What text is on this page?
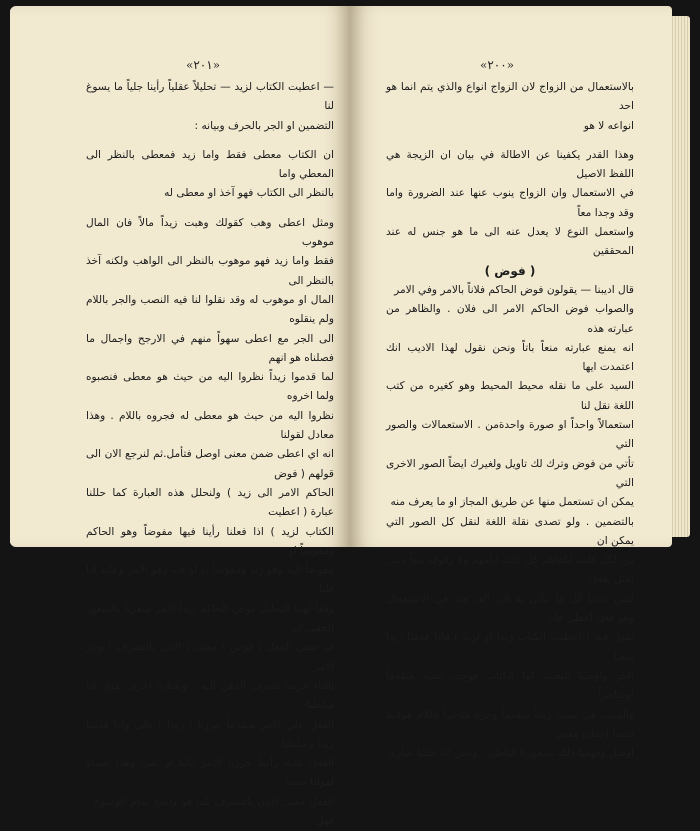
«٢٠١»

— اعطيت الكتاب لزيد — تحليلاً عقلياً رأينا جلياً ما يسوغ لنا

التضمين او الجر بالحرف وبيانه :

ان الكتاب معطى فقط واما زيد فمعطى بالنظر الى المعطي واما

بالنظر الى الكتاب فهو آخذ او معطى له

ومثل اعطى وهب كقولك وهبت زيداً مالاً فان المال موهوب

فقط واما زيد فهو موهوب بالنظر الى الواهب ولكنه آخذ بالنظر الى

المال او موهوب له وقد نقلوا لنا فيه النصب والجر باللام ولم ينقلوه

الى الجر مع اعطى سهواً منهم في الارجح واجمال ما فصلناه هو انهم

لما قدموا زيداً نظروا اليه من حيث هو معطى فنصبوه ولما اخروه

نظروا اليه من حيث هو معطى له فجروه باللام . وهذا معادل لقولنا

انه اي اعطى ضمن معنى اوصل فتأمل.ثم لنرجع الان الى قولهم ( فوض

الحاكم الامر الى زيد ) ولنحلل هذه العبارة كما حللنا عبارة ( اعطيت

الكتاب لزيد ) اذا فعلنا رأينا فيها مفوضاً وهو الحاكم ومفوضاً او

مفوضاً اليه وهو زيد ومفوضاً به او فيه وهو الامر وعليه اذا قلنا

وفقاً لهذا التحليل فوض الحاكم زيداً الامر شعرنا بالشعور الخفي ان

قد ضمن الفعل ( فوض ) معنى ( الاذن بالتصرف ) وجر الامر

بالباء قرينة تصرف الذهن اليه . وبعبارة اخرى نقول اذا سلطنا

الفعل على الامر متقدماً جررنا ( زيداً ) بالى واذا قدمنا زيداً وسلطنا

الفعل عليه رأساً جررنا الامر بالبا او بفي وهذا مساو لقولنا ضمنا

الفعل معنى الاذن بالتصرف كما هو واضح تمام الوضوح . فهل

«٢٠٠»

بالاستعمال من الزواج لان الزواج انواع والذي يتم انما هو احد

انواعه لا هو

وهذا القدر يكفينا عن الاطالة في بيان ان الزيجة هي اللفظ الاصيل

في الاستعمال وان الزواج ينوب عنها عند الضرورة واما وقد وجدا معاً

واستعمل النوع لا يعدل عنه الى ما هو جنس له عند المحققين

( فوض )

قال اديبنا — يقولون فوض الحاكم فلاناً بالامر وفي الامر

والصواب فوض الحاكم الامر الى فلان . والظاهر من عبارته هذه

انه يمنع عبارته منعاً باتاً ونحن نقول لهذا الاديب انك اعتمدت ايها

السيد على ما نقله محيط المحيط وهو كغيره من كتب اللغة نقل لنا

استعمالاً واحداً او صورة واحدةمن . الاستعمالات والصور التي

تأتي من فوض وترك لك تاويل ولغيرك ايضاً الصور الاخرى التي

يمكن ان تستعمل منها عن طريق المجاز او ما يعرف منه

بالتضمين . ولو تصدى نقلة اللغة لنقل كل الصور التي يمكن ان

ترد لكل كلمة لكفاهم كل كاغد ايامهم ولا رقوقه معاً دعى امثل بفعل

ليس عندنا كل ما يتأتى به الى آلف منه في الاستعمال وهو فعل اعطى فانا

نقول فيه ( اعطيت الكتاب زيداً او لزيد ) فاذا قدمنا زيداً منعنا

الجر واوجبنا النصب اما الكتاب فوجب نصبه متقدماً اومتاخراً

والسبب في نصب زيداً متقدماً وجره متاخراً باللام هولاننا ضمنا اعطى معنى

اوصل وفهمنا ذلك بشعورنا الباطن . ونحن اذا حللنا عبارة
